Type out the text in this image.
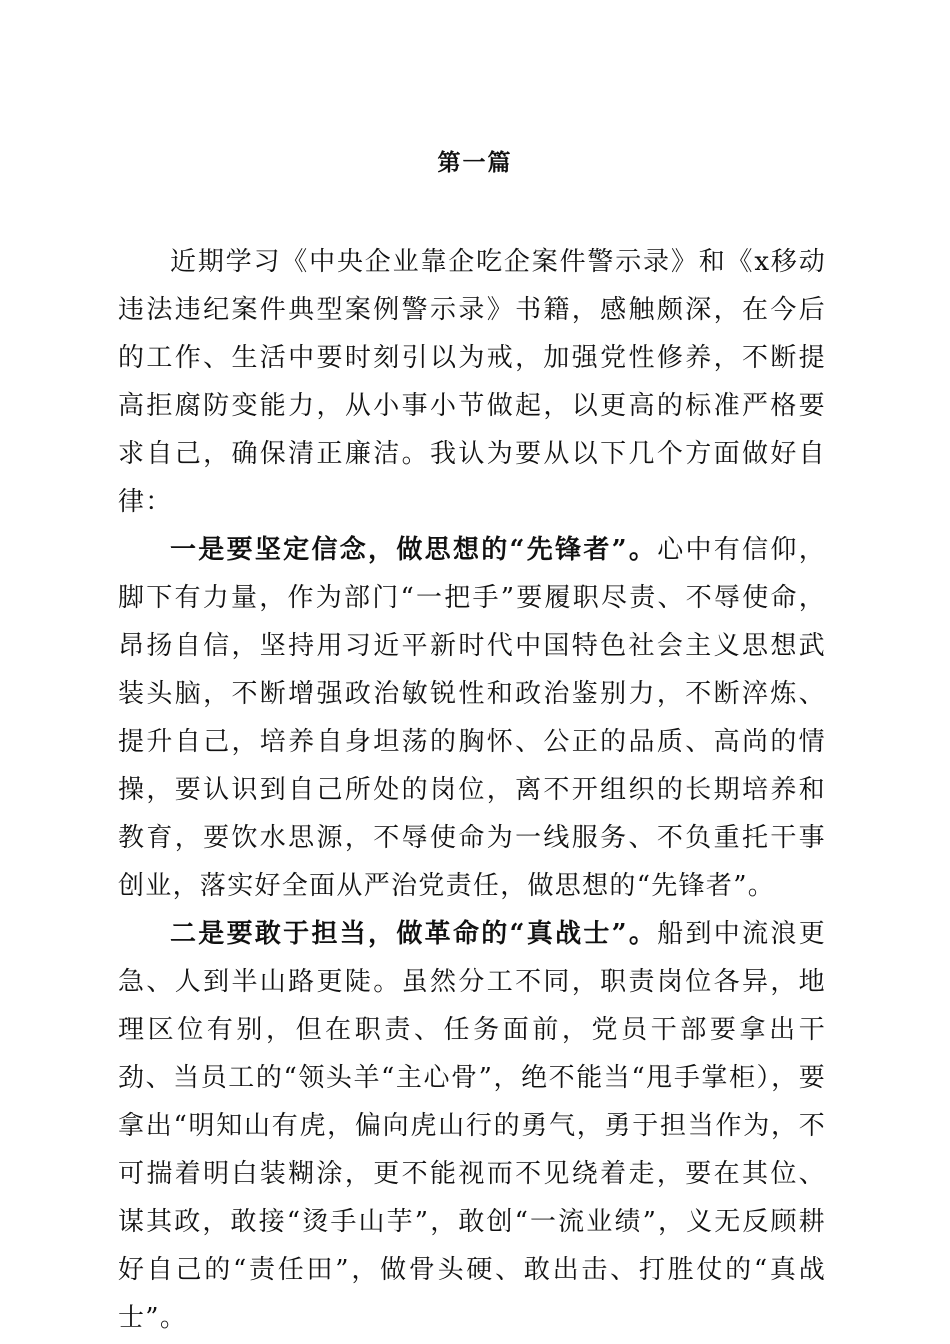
第一篇

近期学习《中央企业靠企吃企案件警示录》和《x移动违法违纪案件典型案例警示录》书籍，感触颇深，在今后的工作、生活中要时刻引以为戒，加强党性修养，不断提高拒腐防变能力，从小事小节做起，以更高的标准严格要求自己，确保清正廉洁。我认为要从以下几个方面做好自律：

一是要坚定信念，做思想的“先锋者”。心中有信仰，脚下有力量，作为部门“一把手”要履职尽责、不辱使命，昂扬自信，坚持用习近平新时代中国特色社会主义思想武装头脑，不断增强政治敏锐性和政治鉴别力，不断淬炼、提升自己，培养自身坦荡的胸怀、公正的品质、高尚的情操，要认识到自己所处的岗位，离不开组织的长期培养和教育，要饮水思源，不辱使命为一线服务、不负重托干事创业，落实好全面从严治党责任，做思想的“先锋者”。

二是要敢于担当，做革命的“真战士”。船到中流浪更急、人到半山路更陡。虽然分工不同，职责岗位各异，地理区位有别，但在职责、任务面前，党员干部要拿出干劲、当员工的“领头羊“主心骨”，绝不能当“甩手掌柜），要拿出“明知山有虎，偏向虎山行的勇气，勇于担当作为，不可揣着明白装糊涂，更不能视而不见绕着走，要在其位、谋其政，敢接“烫手山芋”，敢创“一流业绩”，义无反顾耕好自己的“责任田”，做骨头硬、敢出击、打胜仗的“真战士”。
